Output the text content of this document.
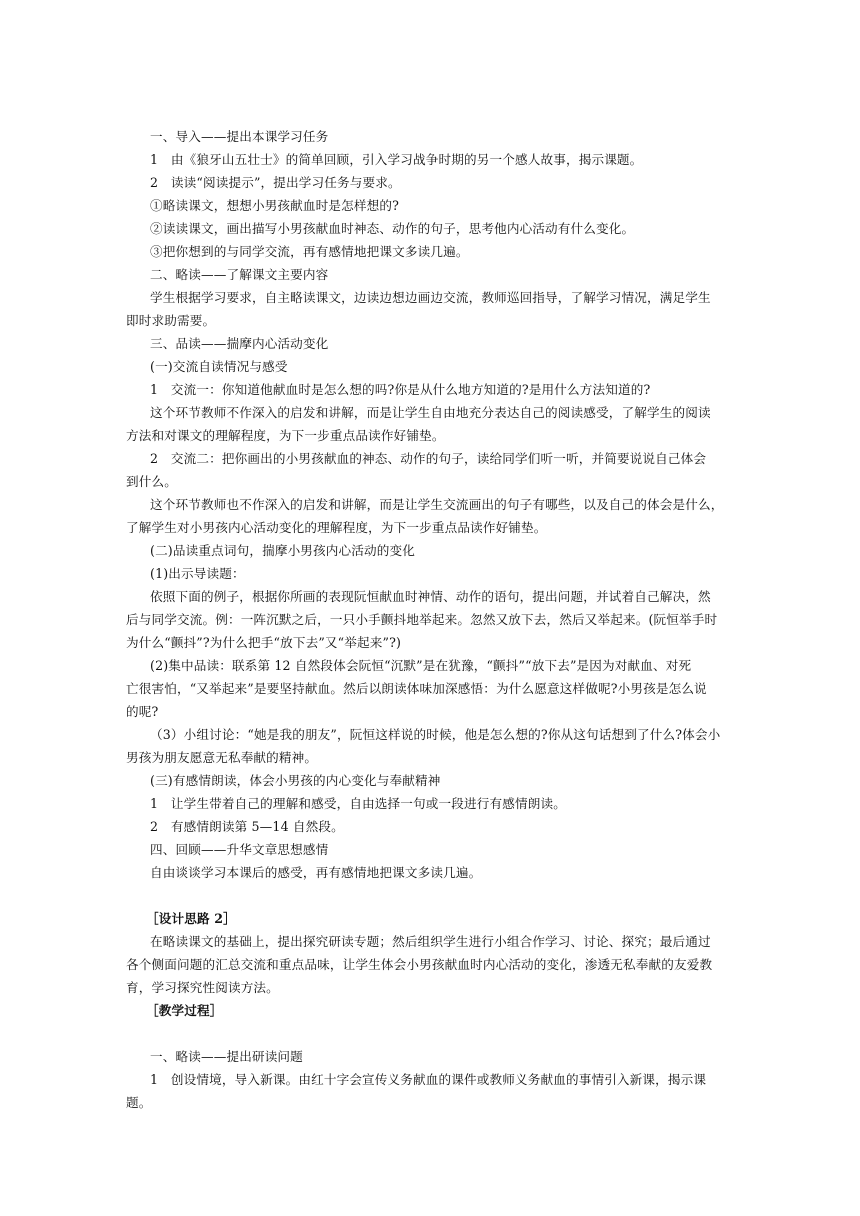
一、导入——提出本课学习任务
1　由《狼牙山五壮士》的简单回顾，引入学习战争时期的另一个感人故事，揭示课题。
2　读读“阅读提示”，提出学习任务与要求。
①略读课文，想想小男孩献血时是怎样想的?
②读读课文，画出描写小男孩献血时神态、动作的句子，思考他内心活动有什么变化。
③把你想到的与同学交流，再有感情地把课文多读几遍。
二、略读——了解课文主要内容
学生根据学习要求，自主略读课文，边读边想边画边交流，教师巡回指导，了解学习情况，满足学生
即时求助需要。
三、品读——揣摩内心活动变化
(一)交流自读情况与感受
1　交流一：你知道他献血时是怎么想的吗?你是从什么地方知道的?是用什么方法知道的?
这个环节教师不作深入的启发和讲解，而是让学生自由地充分表达自己的阅读感受，了解学生的阅读
方法和对课文的理解程度，为下一步重点品读作好铺垫。
2　交流二：把你画出的小男孩献血的神态、动作的句子，读给同学们听一听，并简要说说自己体会
到什么。
这个环节教师也不作深入的启发和讲解，而是让学生交流画出的句子有哪些，以及自己的体会是什么，
了解学生对小男孩内心活动变化的理解程度，为下一步重点品读作好铺垫。
(二)品读重点词句，揣摩小男孩内心活动的变化
(1)出示导读题：
依照下面的例子，根据你所画的表现阮恒献血时神情、动作的语句，提出问题，并试着自己解决，然
后与同学交流。例：一阵沉默之后，一只小手颤抖地举起来。忽然又放下去，然后又举起来。(阮恒举手时
为什么“颤抖”?为什么把手“放下去”又“举起来”?)
(2)集中品读：联系第 12 自然段体会阮恒“沉默”是在犹豫，“颤抖”“放下去”是因为对献血、对死
亡很害怕，“又举起来”是要坚持献血。然后以朗读体味加深感悟：为什么愿意这样做呢?小男孩是怎么说
的呢?
（3）小组讨论：“她是我的朋友”，阮恒这样说的时候，他是怎么想的?你从这句话想到了什么?体会小
男孩为朋友愿意无私奉献的精神。
(三)有感情朗读，体会小男孩的内心变化与奉献精神
1　让学生带着自己的理解和感受，自由选择一句或一段进行有感情朗读。
2　有感情朗读第 5—14 自然段。
四、回顾——升华文章思想感情
自由谈谈学习本课后的感受，再有感情地把课文多读几遍。
［设计思路 2］
在略读课文的基础上，提出探究研读专题；然后组织学生进行小组合作学习、讨论、探究；最后通过
各个侧面问题的汇总交流和重点品味，让学生体会小男孩献血时内心活动的变化，渗透无私奉献的友爱教
育，学习探究性阅读方法。
［教学过程］
一、略读——提出研读问题
1　创设情境，导入新课。由红十字会宣传义务献血的课件或教师义务献血的事情引入新课，揭示课
题。
